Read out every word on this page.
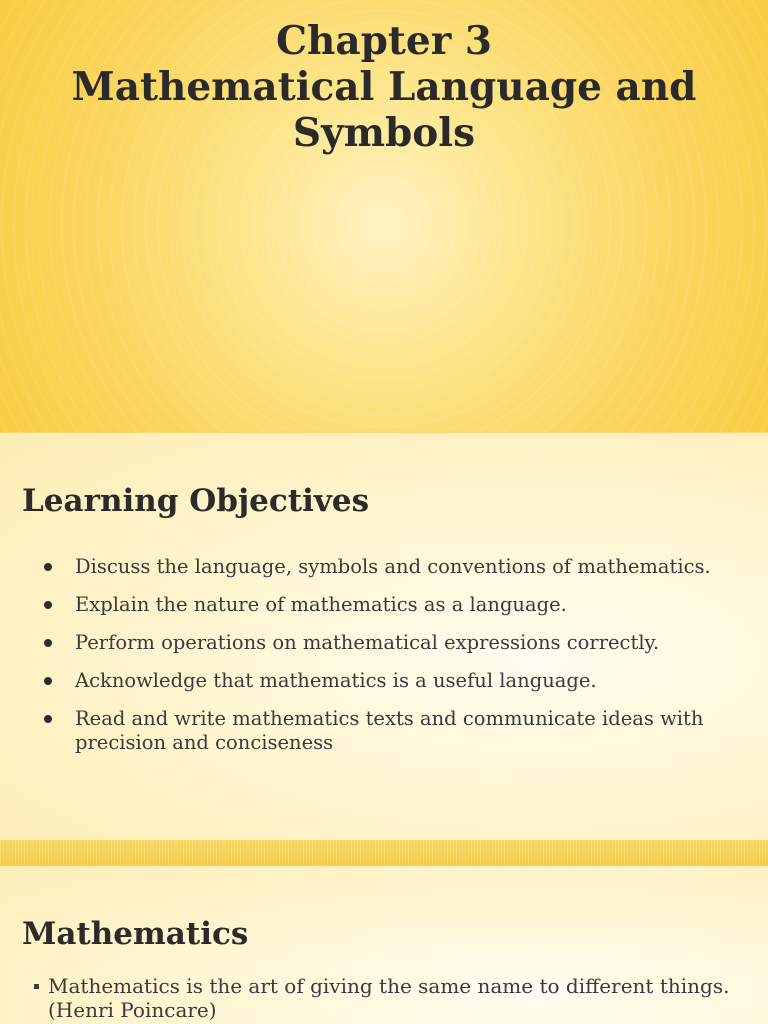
Chapter 3
Mathematical Language and
Symbols
Learning Objectives
Discuss the language, symbols and conventions of mathematics.
Explain the nature of mathematics as a language.
Perform operations on mathematical expressions correctly.
Acknowledge that mathematics is a useful language.
Read and write mathematics texts and communicate ideas with precision and conciseness
Mathematics
Mathematics is the art of giving the same name to different things. (Henri Poincare)
